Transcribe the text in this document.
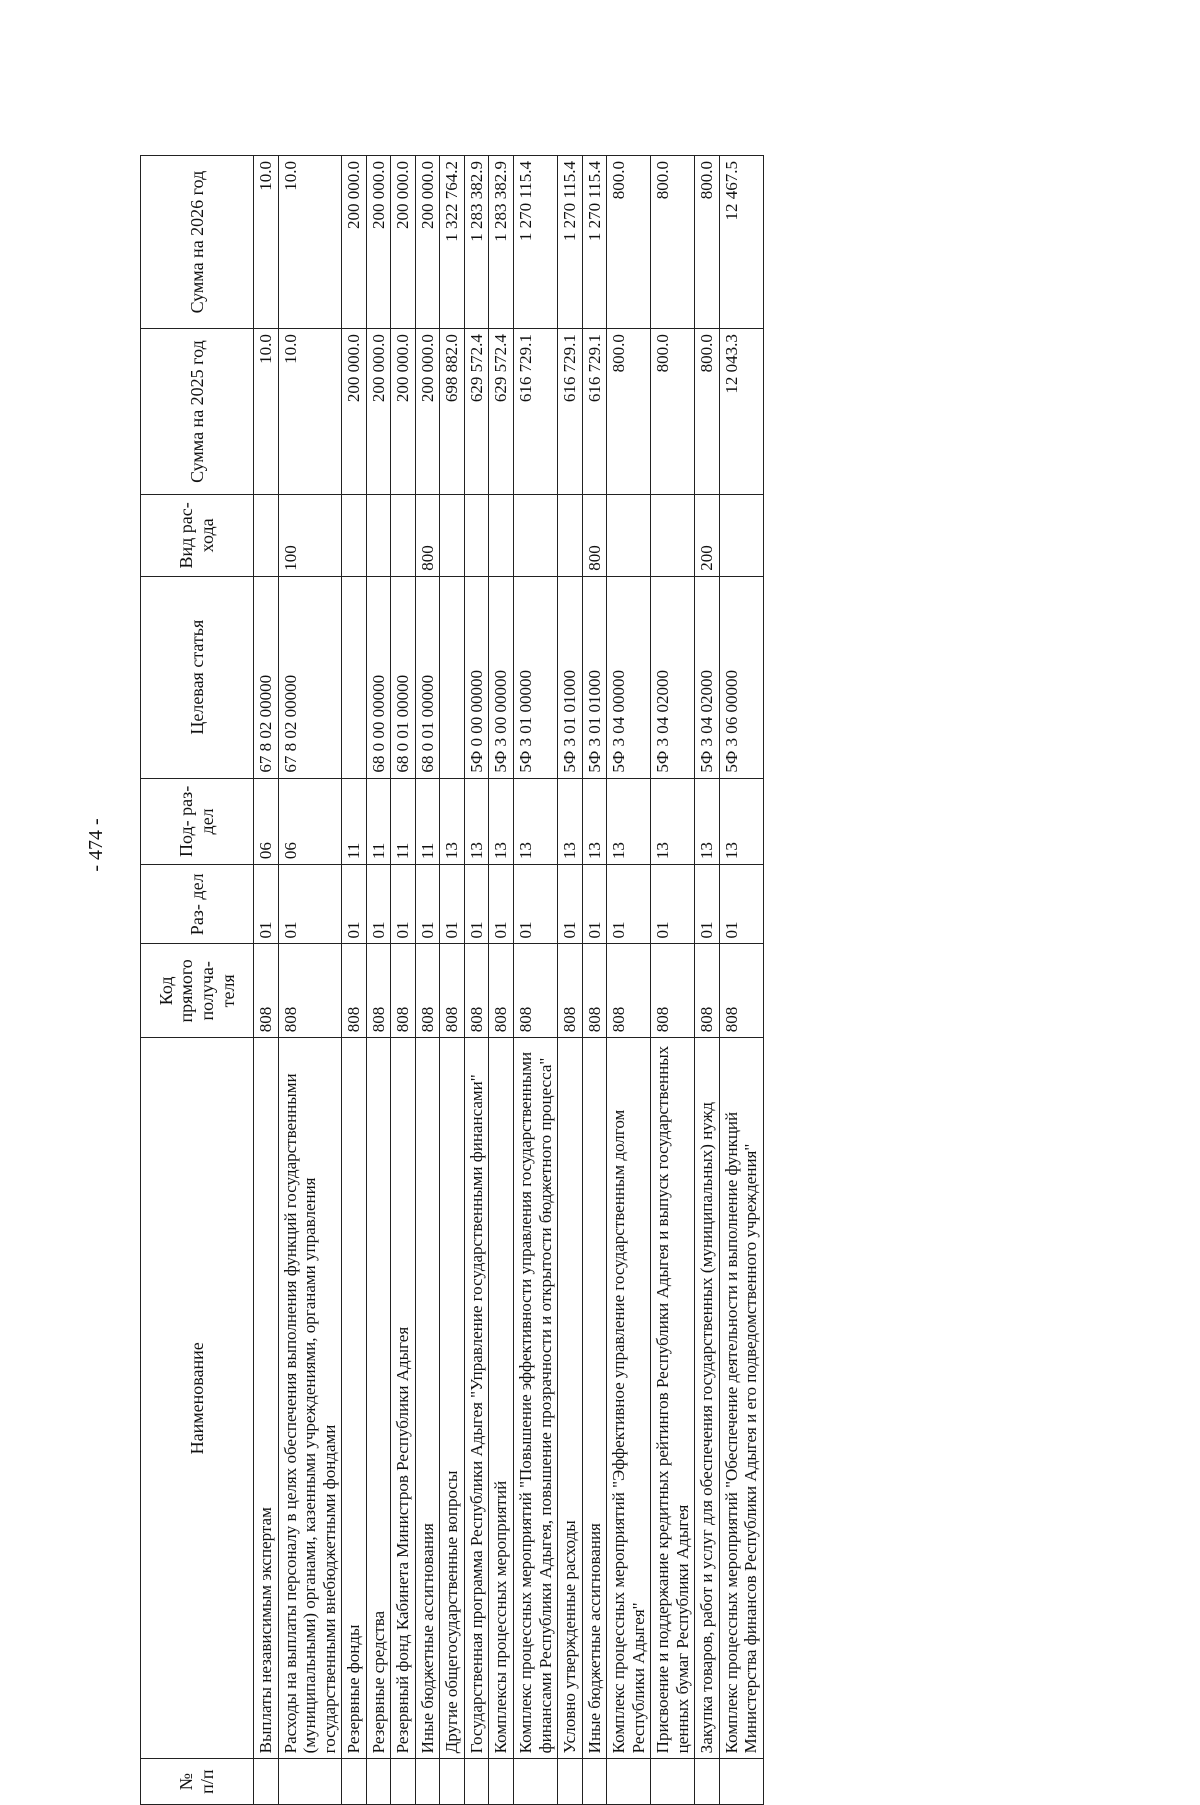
- 474 -
№ п/п	Наименование	Код прямого получа- теля	Раз- дел	Под- раз- дел	Целевая статья	Вид рас- хода	Сумма на 2025 год	Сумма на 2026 год
	Выплаты независимым экспертам	808	01	06	67 8 02 00000		10.0	10.0
	Расходы на выплаты персоналу в целях обеспечения выполнения функций государственными (муниципальными) органами, казенными учреждениями, органами управления государственными внебюджетными фондами	808	01	06	67 8 02 00000	100	10.0	10.0
	Резервные фонды	808	01	11			200 000.0	200 000.0
	Резервные средства	808	01	11	68 0 00 00000		200 000.0	200 000.0
	Резервный фонд Кабинета Министров Республики Адыгея	808	01	11	68 0 01 00000		200 000.0	200 000.0
	Иные бюджетные ассигнования	808	01	11	68 0 01 00000	800	200 000.0	200 000.0
	Другие общегосударственные вопросы	808	01	13			698 882.0	1 322 764.2
	Государственная программа Республики Адыгея "Управление государственными финансами"	808	01	13	5Ф 0 00 00000		629 572.4	1 283 382.9
	Комплексы процессных мероприятий	808	01	13	5Ф 3 00 00000		629 572.4	1 283 382.9
	Комплекс процессных мероприятий "Повышение эффективности управления государственными финансами Республики Адыгея, повышение прозрачности и открытости бюджетного процесса"	808	01	13	5Ф 3 01 00000		616 729.1	1 270 115.4
	Условно утвержденные расходы	808	01	13	5Ф 3 01 01000		616 729.1	1 270 115.4
	Иные бюджетные ассигнования	808	01	13	5Ф 3 01 01000	800	616 729.1	1 270 115.4
	Комплекс процессных мероприятий "Эффективное управление государственным долгом Республики Адыгея"	808	01	13	5Ф 3 04 00000		800.0	800.0
	Присвоение и поддержание кредитных рейтингов Республики Адыгея и выпуск государственных ценных бумаг Республики Адыгея	808	01	13	5Ф 3 04 02000		800.0	800.0
	Закупка товаров, работ и услуг для обеспечения государственных (муниципальных) нужд	808	01	13	5Ф 3 04 02000	200	800.0	800.0
	Комплекс процессных мероприятий "Обеспечение деятельности и выполнение функций Министерства финансов Республики Адыгея и его подведомственного учреждения"	808	01	13	5Ф 3 06 00000		12 043.3	12 467.5
